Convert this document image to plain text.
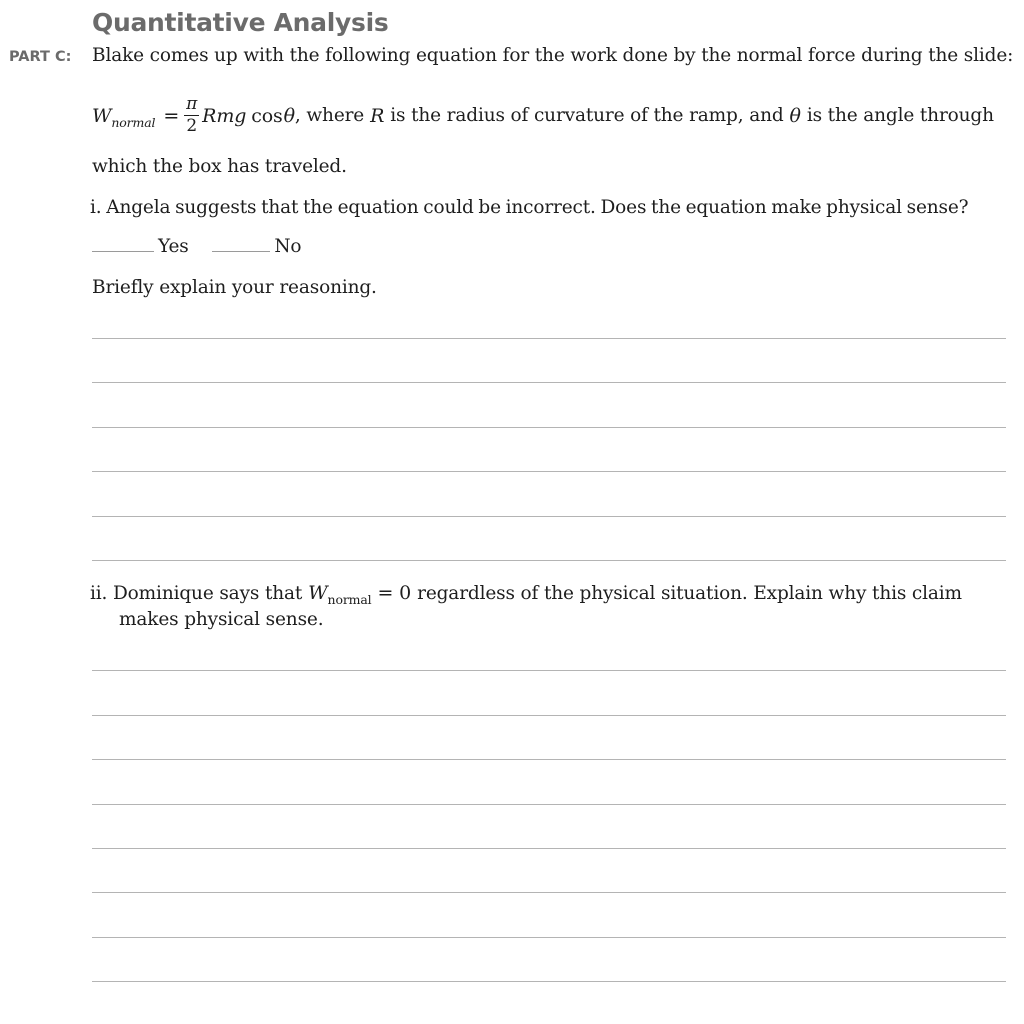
Quantitative Analysis
PART C: Blake comes up with the following equation for the work done by the normal force during the slide:
W normal = $\frac{\pi}{2}$ Rmg cos θ , where R is the radius of curvature of the ramp, and θ is the angle through
which the box has traveled.
i. Angela suggests that the equation could be incorrect. Does the equation make physical sense?
Yes	No
Briefly explain your reasoning.
ii. Dominique says that W normal = 0 regardless of the physical situation. Explain why this claim
makes physical sense.
